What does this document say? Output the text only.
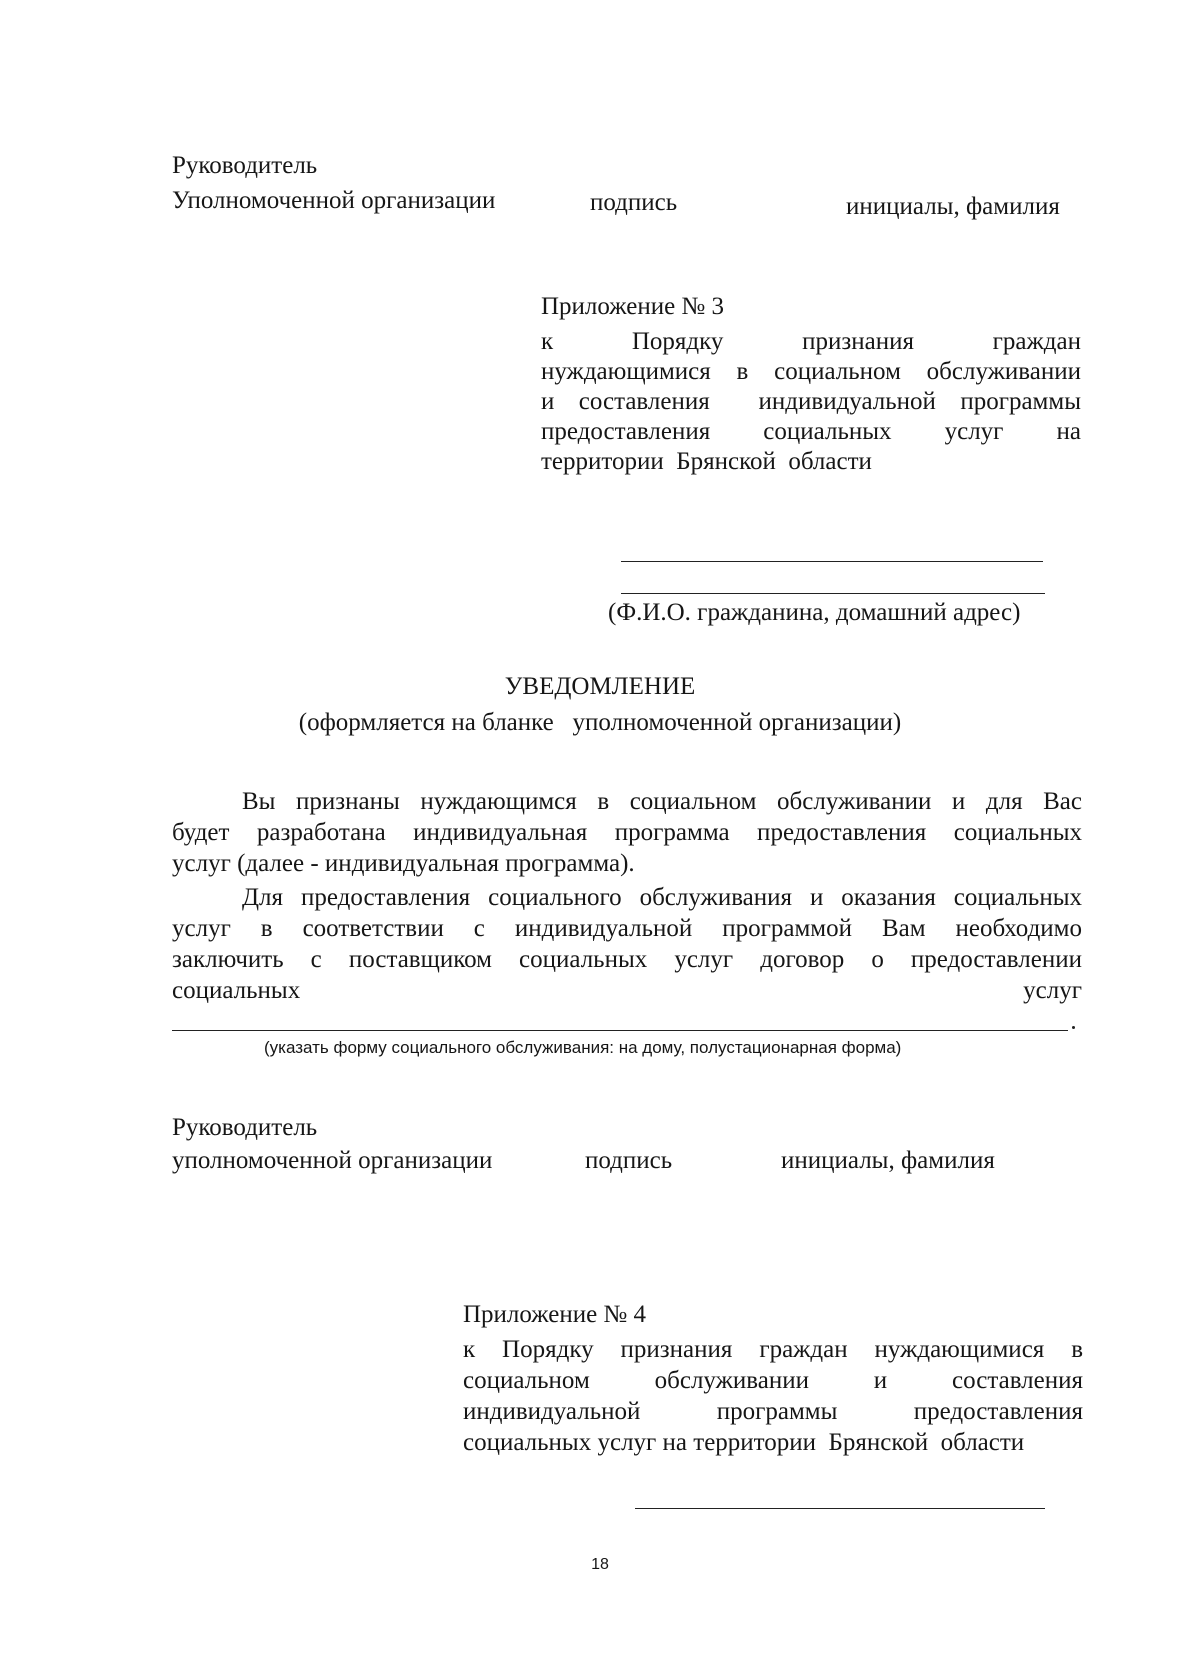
Руководитель
Уполномоченной организации	подпись	инициалы, фамилия
Приложение № 3
к	Порядку	признания	граждан
нуждающимися в социальном обслуживании
и составления  индивидуальной программы
предоставления социальных услуг на
территории  Брянской  области
(Ф.И.О. гражданина, домашний адрес)
УВЕДОМЛЕНИЕ
(оформляется на бланке   уполномоченной организации)
Вы признаны нуждающимся в социальном обслуживании и для Вас
будет разработана индивидуальная программа предоставления социальных
услуг (далее - индивидуальная программа).
Для предоставления социального обслуживания и оказания социальных
услуг в соответствии с индивидуальной программой Вам необходимо
заключить с поставщиком социальных услуг договор о предоставлении
социальных	услуг
(указать форму социального обслуживания: на дому, полустационарная форма)
Руководитель
уполномоченной организации	подпись	инициалы, фамилия
Приложение № 4
к  Порядку  признания  граждан  нуждающимися  в
социальном  обслуживании  и  составления
индивидуальной  программы  предоставления
социальных услуг на территории  Брянской  области
18
